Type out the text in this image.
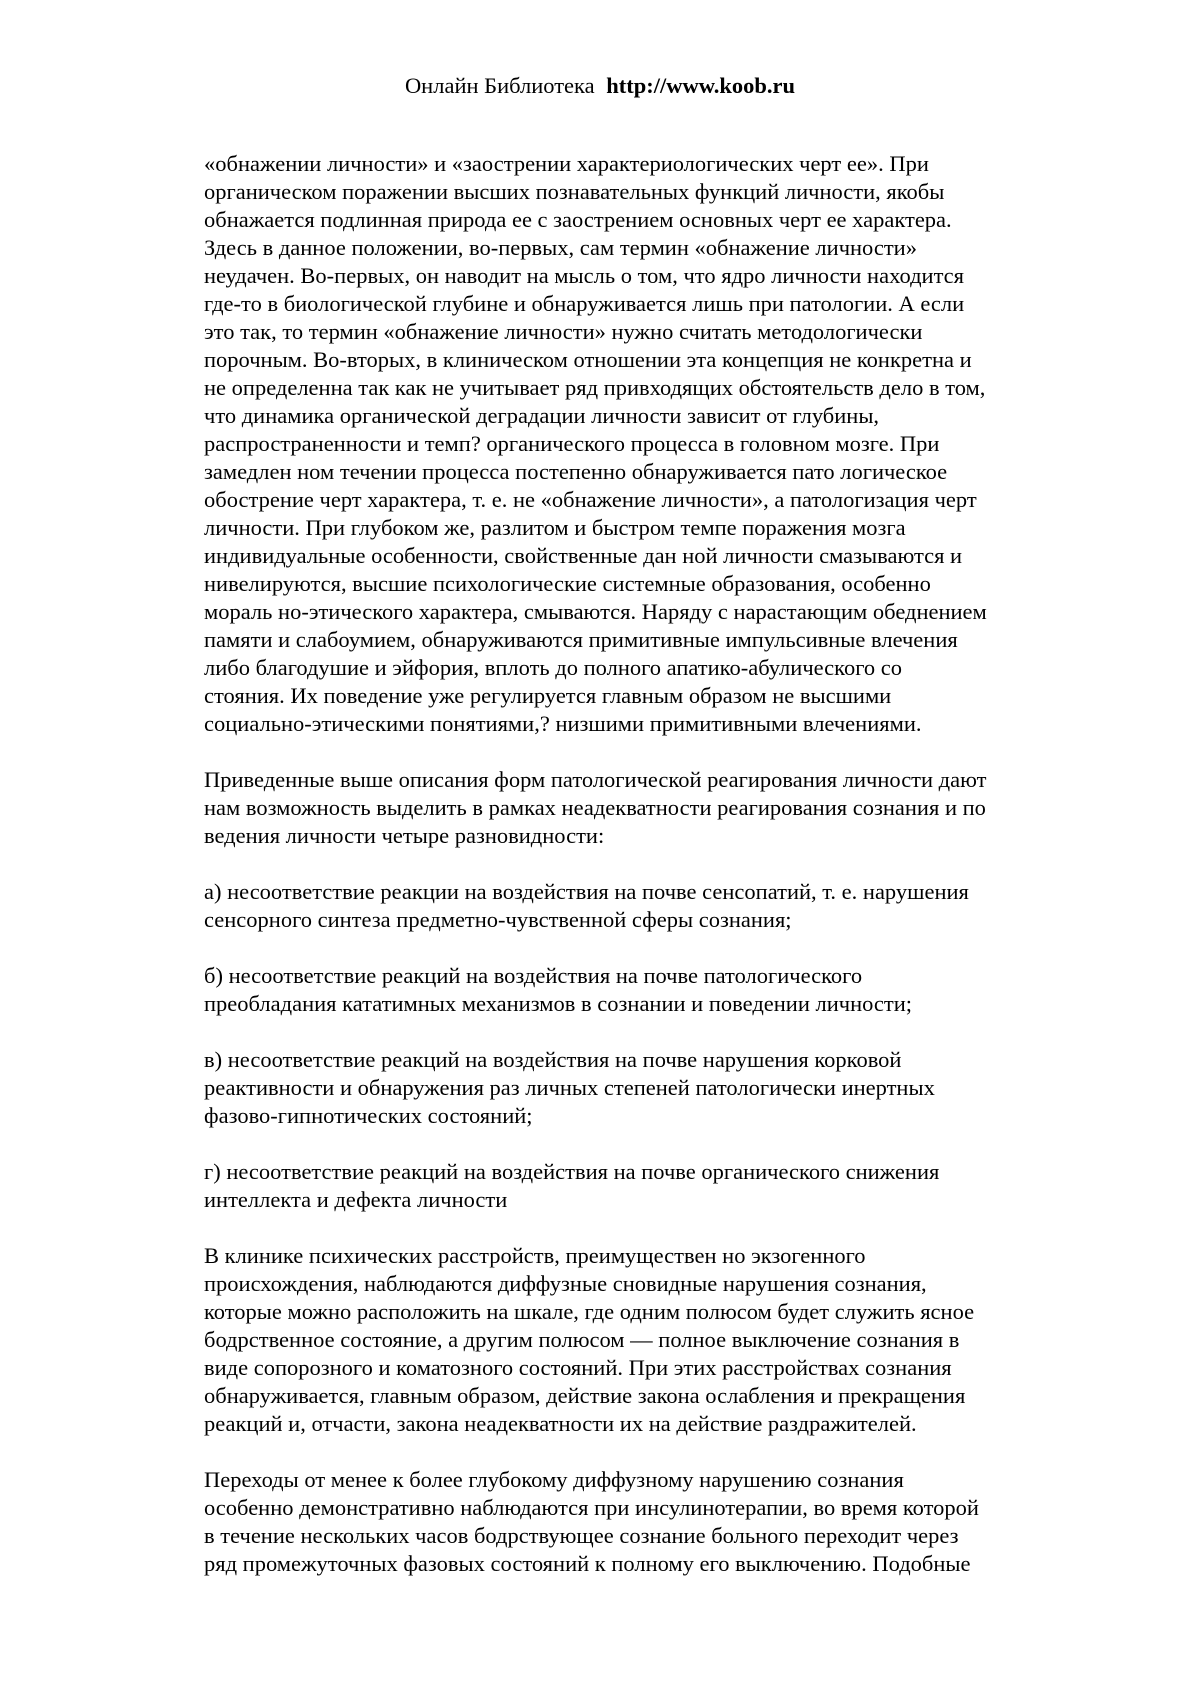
Онлайн Библиотека http://www.koob.ru
«обнажении личности» и «заострении характериологических черт ее». При
органическом поражении высших познавательных функций личности, якобы
обнажается подлинная природа ее с заострением основных черт ее характера.
Здесь в данное положении, во-первых, сам термин «обнажение личности»
неудачен. Во-первых, он наводит на мысль о том, что ядро личности находится
где-то в биологической глубине и обнаруживается лишь при патологии. А если
это так, то термин «обнажение личности» нужно считать методологически
порочным. Во-вторых, в клиническом отношении эта концепция не конкретна и
не определенна так как не учитывает ряд привходящих обстоятельств дело в том,
что динамика органической деградации личности зависит от глубины,
распространенности и темп? органического процесса в головном мозге. При
замедлен ном течении процесса постепенно обнаруживается пато логическое
обострение черт характера, т. е. не «обнажение личности», а патологизация черт
личности. При глубоком же, разлитом и быстром темпе поражения мозга
индивидуальные особенности, свойственные дан ной личности смазываются и
нивелируются, высшие психологические системные образования, особенно
мораль но-этического характера, смываются. Наряду с нарастающим обеднением
памяти и слабоумием, обнаруживаются примитивные импульсивные влечения
либо благодушие и эйфория, вплоть до полного апатико-абулического со
стояния. Их поведение уже регулируется главным образом не высшими
социально-этическими понятиями,? низшими примитивными влечениями.
Приведенные выше описания форм патологической реагирования личности дают
нам возможность выделить в рамках неадекватности реагирования сознания и по
ведения личности четыре разновидности:
а) несоответствие реакции на воздействия на почве сенсопатий, т. е. нарушения
сенсорного синтеза предметно-чувственной сферы сознания;
б) несоответствие реакций на воздействия на почве патологического
преобладания кататимных механизмов в сознании и поведении личности;
в) несоответствие реакций на воздействия на почве нарушения корковой
реактивности и обнаружения раз личных степеней патологически инертных
фазово-гипнотических состояний;
г) несоответствие реакций на воздействия на почве органического снижения
интеллекта и дефекта личности
В клинике психических расстройств, преимуществен но экзогенного
происхождения, наблюдаются диффузные сновидные нарушения сознания,
которые можно расположить на шкале, где одним полюсом будет служить ясное
бодрственное состояние, а другим полюсом — полное выключение сознания в
виде сопорозного и коматозного состояний. При этих расстройствах сознания
обнаруживается, главным образом, действие закона ослабления и прекращения
реакций и, отчасти, закона неадекватности их на действие раздражителей.
Переходы от менее к более глубокому диффузному нарушению сознания
особенно демонстративно наблюдаются при инсулинотерапии, во время которой
в течение нескольких часов бодрствующее сознание больного переходит через
ряд промежуточных фазовых состояний к полному его выключению. Подобные
